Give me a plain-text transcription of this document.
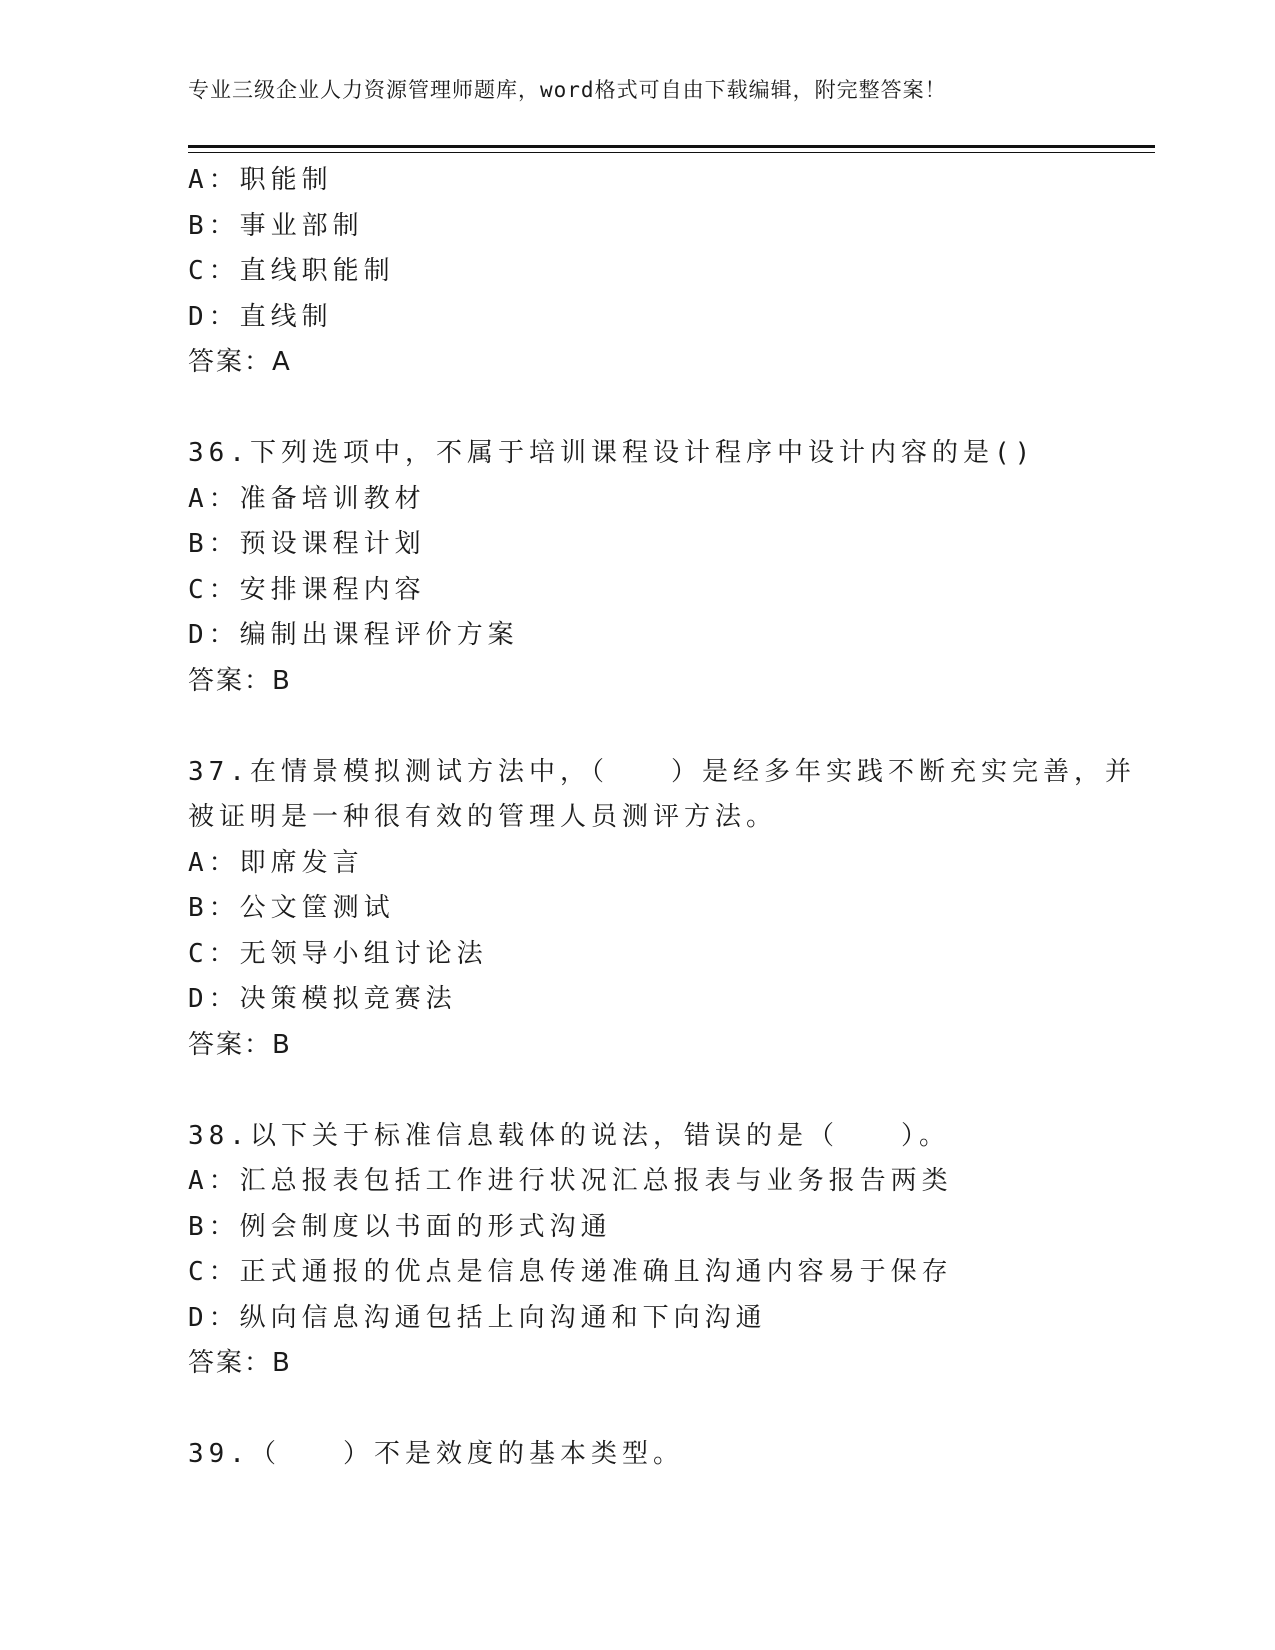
专业三级企业人力资源管理师题库，word格式可自由下载编辑，附完整答案！
A：职能制
B：事业部制
C：直线职能制
D：直线制
答案：A
36.下列选项中，不属于培训课程设计程序中设计内容的是()
A：准备培训教材
B：预设课程计划
C：安排课程内容
D：编制出课程评价方案
答案：B
37.在情景模拟测试方法中，（　　）是经多年实践不断充实完善，并
被证明是一种很有效的管理人员测评方法。
A：即席发言
B：公文筐测试
C：无领导小组讨论法
D：决策模拟竞赛法
答案：B
38.以下关于标准信息载体的说法，错误的是（　　）。
A：汇总报表包括工作进行状况汇总报表与业务报告两类
B：例会制度以书面的形式沟通
C：正式通报的优点是信息传递准确且沟通内容易于保存
D：纵向信息沟通包括上向沟通和下向沟通
答案：B
39.（　　）不是效度的基本类型。
